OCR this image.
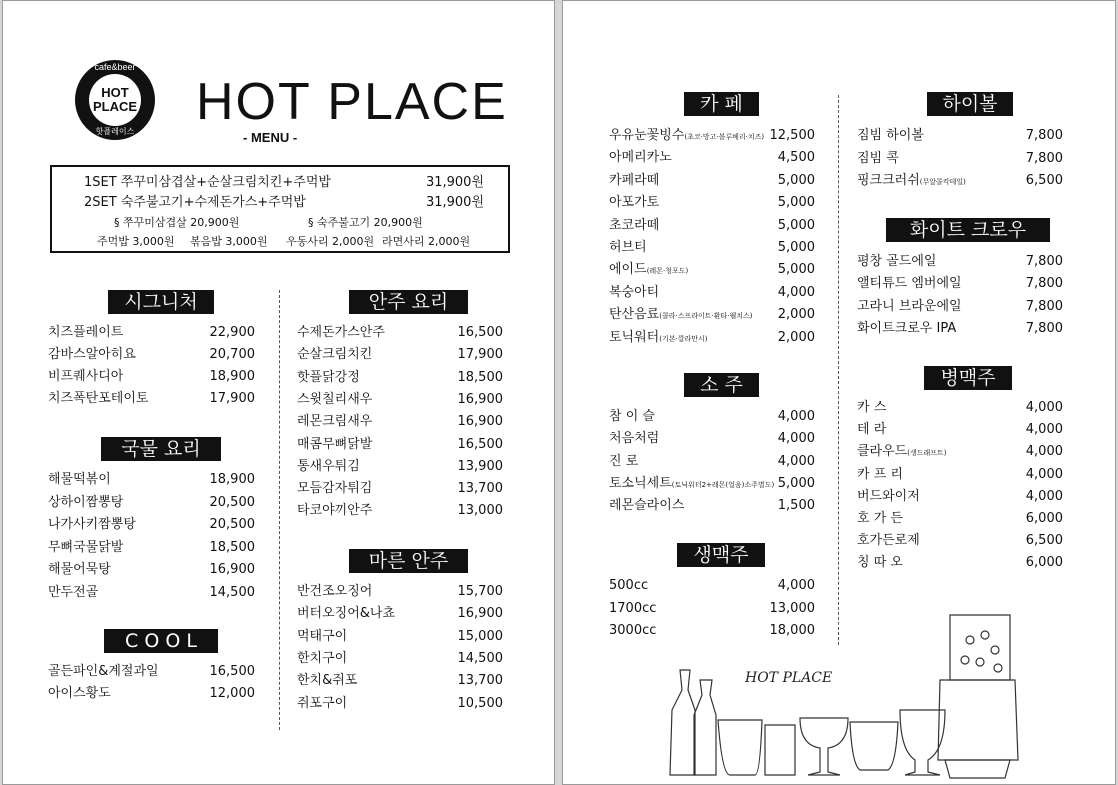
cafe&beer
HOT
PLACE
핫플레이스
HOT PLACE
- MENU -
1SET 쭈꾸미삼겹살+순살크림치킨+주먹밥	31,900원
2SET 숙주불고기+수제돈가스+주먹밥	31,900원
§ 쭈꾸미삼겹살 20,900원	§ 숙주불고기 20,900원
주먹밥 3,000원 볶음밥 3,000원 우동사리 2,000원 라면사리 2,000원
시그니처
치즈플레이트	22,900
감바스알아히요	20,700
비프퀘사디아	18,900
치즈폭탄포테이토	17,900
국물 요리
해물떡볶이	18,900
상하이짬뽕탕	20,500
나가사키짬뽕탕	20,500
무뼈국물닭발	18,500
해물어묵탕	16,900
만두전골	14,500
C O O L
골든파인&계절과일	16,500
아이스황도	12,000
안주 요리
수제돈가스안주	16,500
순살크림치킨	17,900
핫플닭강정	18,500
스윗칠리새우	16,900
레몬크림새우	16,900
매콤무뼈닭발	16,500
통새우튀김	13,900
모듬감자튀김	13,700
타코야끼안주	13,000
마른 안주
반건조오징어	15,700
버터오징어&나쵸	16,900
먹태구이	15,000
한치구이	14,500
한치&쥐포	13,700
쥐포구이	10,500
카 페
우유눈꽃빙수(초코·망고·블루베리·치즈) 12,500
아메리카노	4,500
카페라떼	5,000
아포가토	5,000
초코라떼	5,000
허브티	5,000
에이드(레몬·청포도)	5,000
복숭아티	4,000
탄산음료(콜라·스프라이트·환타·웰치스) 2,000
토닉워터(기본·깔라만시)	2,000
소 주
참 이 슬	4,000
처음처럼	4,000
진 로	4,000
토소닉세트(토닉워터2+레몬(얼음)소주별도) 5,000
레몬슬라이스	1,500
생맥주
500cc	4,000
1700cc	13,000
3000cc	18,000
하이볼
짐빔 하이볼	7,800
짐빔 콕	7,800
핑크크러쉬(무알콜칵테일)	6,500
화이트 크로우
평창 골드에일	7,800
앨티튜드 엠버에일	7,800
고라니 브라운에일	7,800
화이트크로우 IPA	7,800
병맥주
카 스	4,000
테 라	4,000
클라우드(생드래프트)	4,000
카 프 리	4,000
버드와이저	4,000
호 가 든	6,000
호가든로제	6,500
칭 따 오	6,000
HOT PLACE
